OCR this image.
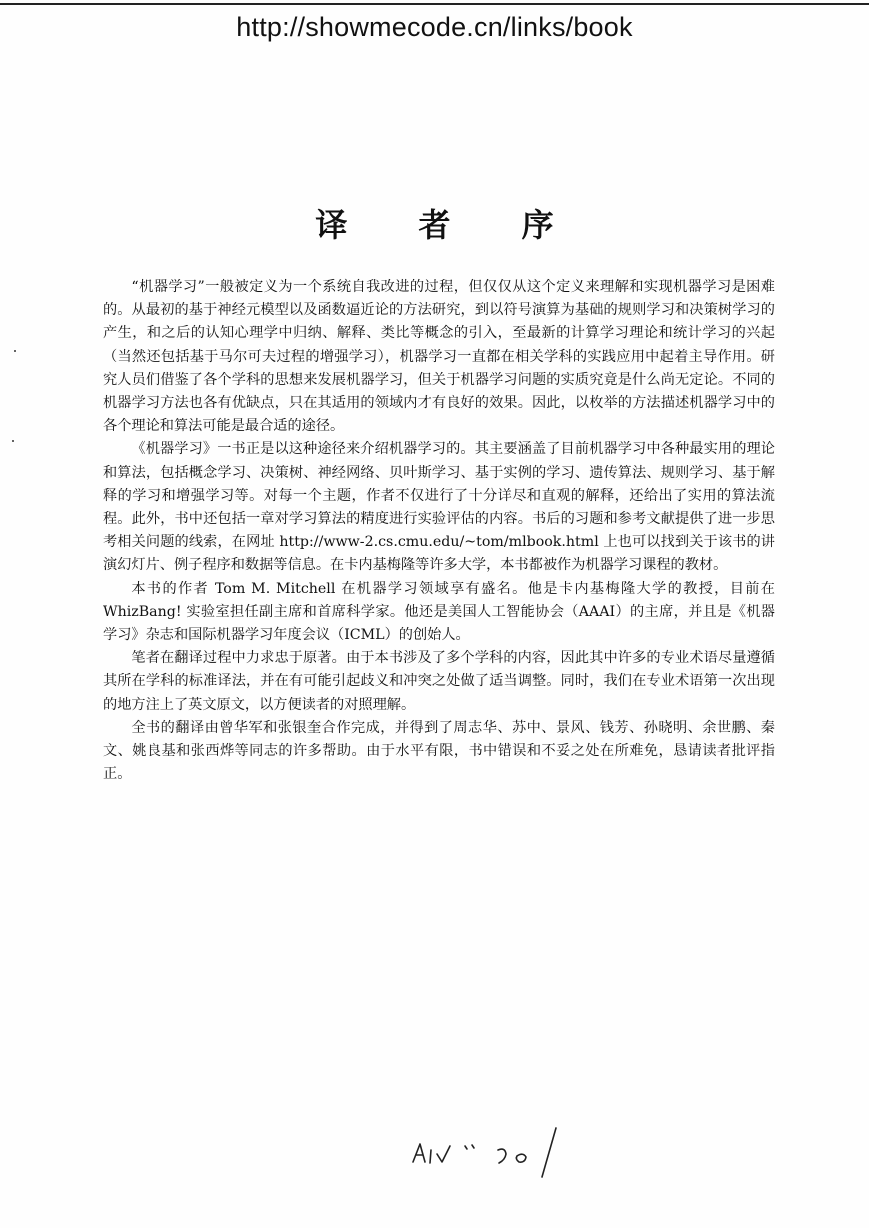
http://showmecode.cn/links/book
译 者 序

“机器学习”一般被定义为一个系统自我改进的过程，但仅仅从这个定义来理解和实现机器学习是困难的。从最初的基于神经元模型以及函数逼近论的方法研究，到以符号演算为基础的规则学习和决策树学习的产生，和之后的认知心理学中归纳、解释、类比等概念的引入，至最新的计算学习理论和统计学习的兴起（当然还包括基于马尔可夫过程的增强学习），机器学习一直都在相关学科的实践应用中起着主导作用。研究人员们借鉴了各个学科的思想来发展机器学习，但关于机器学习问题的实质究竟是什么尚无定论。不同的机器学习方法也各有优缺点，只在其适用的领域内才有良好的效果。因此，以枚举的方法描述机器学习中的各个理论和算法可能是最合适的途径。

《机器学习》一书正是以这种途径来介绍机器学习的。其主要涵盖了目前机器学习中各种最实用的理论和算法，包括概念学习、决策树、神经网络、贝叶斯学习、基于实例的学习、遗传算法、规则学习、基于解释的学习和增强学习等。对每一个主题，作者不仅进行了十分详尽和直观的解释，还给出了实用的算法流程。此外，书中还包括一章对学习算法的精度进行实验评估的内容。书后的习题和参考文献提供了进一步思考相关问题的线索，在网址 http://www-2.cs.cmu.edu/~tom/mlbook.html 上也可以找到关于该书的讲演幻灯片、例子程序和数据等信息。在卡内基梅隆等许多大学，本书都被作为机器学习课程的教材。

本书的作者 Tom M. Mitchell 在机器学习领域享有盛名。他是卡内基梅隆大学的教授，目前在 WhizBang! 实验室担任副主席和首席科学家。他还是美国人工智能协会（AAAI）的主席，并且是《机器学习》杂志和国际机器学习年度会议（ICML）的创始人。

笔者在翻译过程中力求忠于原著。由于本书涉及了多个学科的内容，因此其中许多的专业术语尽量遵循其所在学科的标准译法，并在有可能引起歧义和冲突之处做了适当调整。同时，我们在专业术语第一次出现的地方注上了英文原文，以方便读者的对照理解。

全书的翻译由曾华军和张银奎合作完成，并得到了周志华、苏中、景风、钱芳、孙晓明、余世鹏、秦文、姚良基和张西烨等同志的许多帮助。由于水平有限，书中错误和不妥之处在所难免，恳请读者批评指正。
